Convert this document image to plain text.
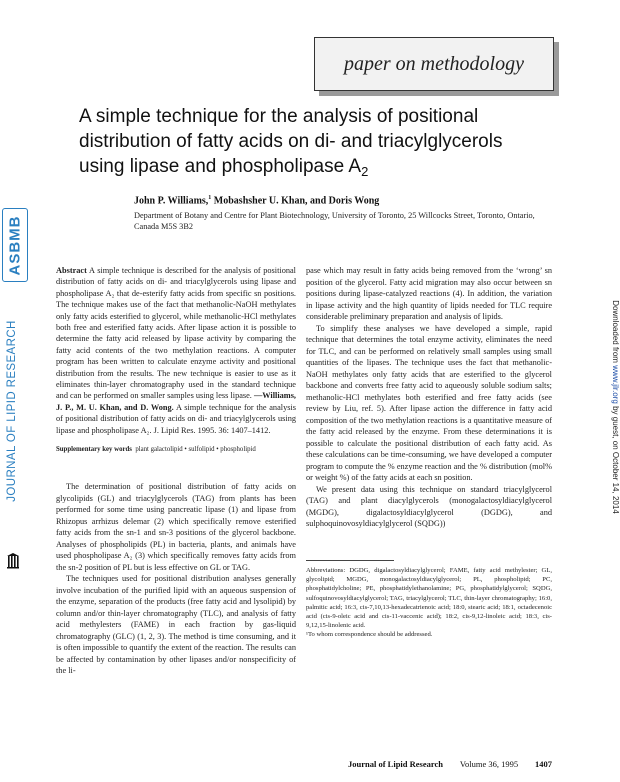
ASBMB
JOURNAL OF LIPID RESEARCH	Downloaded from www.jlr.org by guest, on October 14, 2014
paper on methodology
A simple technique for the analysis of positional distribution of fatty acids on di- and triacylglycerols using lipase and phospholipase $A_2$
John P. Williams,$^1$ Mobashsher U. Khan, and Doris Wong
Department of Botany and Centre for Plant Biotechnology, University of Toronto, 25 Willcocks Street, Toronto, Ontario, Canada M5S 3B2

Abstract A simple technique is described for the analysis of positional distribution of fatty acids on di- and triacylglycerols using lipase and phospholipase A₂ that de-esterify fatty acids from specific sn positions. The technique makes use of the fact that methanolic-NaOH methylates only fatty acids esterified to glycerol, while methanolic-HCl methylates both free and esterified fatty acids. After lipase action it is possible to determine the fatty acid released by lipase activity by comparing the fatty acid contents of the two methylation reactions. A computer program has been written to calculate enzyme activity and positional distribution from the results. The new technique is easier to use as it eliminates thin-layer chromatography used in the standard technique and can be performed on smaller samples using less lipase. —Williams, J. P., M. U. Khan, and D. Wong. A simple technique for the analysis of positional distribution of fatty acids on di- and triacylglycerols using lipase and phospholipase A₂. J. Lipid Res. 1995. 36: 1407–1412.

Supplementary key words plant galactolipid • sulfolipid • phospholipid

The determination of positional distribution of fatty acids on glycolipids (GL) and triacylglycerols (TAG) from plants has been performed for some time using pancreatic lipase (1) and lipase from Rhizopus arrhizus delemar (2) which specifically remove esterified fatty acids from the sn-1 and sn-3 positions of the glycerol backbone. Analyses of phospholipids (PL) in bacteria, plants, and animals have used phospholipase A₂ (3) which specifically removes fatty acids from the sn-2 position of PL but is less effective on GL or TAG.

The techniques used for positional distribution analyses generally involve incubation of the purified lipid with an aqueous suspension of the enzyme, separation of the products (free fatty acid and lysolipid) by column and/or thin-layer chromatography (TLC), and analysis of fatty acid methylesters (FAME) in each fraction by gas-liquid chromatography (GLC) (1, 2, 3). The method is time consuming, and it is often impossible to quantify the extent of the reaction. The results can be affected by contamination by other lipases and/or nonspecificity of the li-

pase which may result in fatty acids being removed from the ‘wrong’ sn position of the glycerol. Fatty acid migration may also occur between sn positions during lipase-catalyzed reactions (4). In addition, the variation in lipase activity and the high quantity of lipids needed for TLC require considerable preliminary preparation and analysis of lipids.

To simplify these analyses we have developed a simple, rapid technique that determines the total enzyme activity, eliminates the need for TLC, and can be performed on relatively small samples using small quantities of the lipases. The technique uses the fact that methanolic-NaOH methylates only fatty acids that are esterified to the glycerol backbone and converts free fatty acid to aqueously soluble sodium salts; methanolic-HCl methylates both esterified and free fatty acids (see review by Liu, ref. 5). After lipase action the difference in fatty acid composition of the two methylation reactions is a quantitative measure of the fatty acid released by the enzyme. From these determinations it is possible to calculate the positional distribution of each fatty acid. As these calculations can be time-consuming, we have developed a computer program to compute the % enzyme reaction and the % distribution (mol% or weight %) of the fatty acids at each sn position.

We present data using this technique on standard triacylglycerol (TAG) and plant diacylglycerols (monogalactosyldiacylglycerol (MGDG), digalactosyldiacylglycerol (DGDG), and sulphoquinovosyldiacylglycerol (SQDG))

Abbreviations: DGDG, digalactosyldiacylglycerol; FAME, fatty acid methylester; GL, glycolipid; MGDG, monogalactosyldiacylglycerol; PL, phospholipid; PC, phosphatidylcholine; PE, phosphatidylethanolamine; PG, phosphatidylglycerol; SQDG, sulfoquinovosyldiacylglycerol; TAG, triacylglycerol; TLC, thin-layer chromatography; 16:0, palmitic acid; 16:3, cis-7,10,13-hexadecatrienoic acid; 18:0, stearic acid; 18:1, octadecenoic acid (cis-9-oleic acid and cis-11-vaccenic acid); 18:2, cis-9,12-linoleic acid; 18:3, cis-9,12,15-linolenic acid.
¹To whom correspondence should be addressed.
Journal of Lipid Research Volume 36, 1995 1407
